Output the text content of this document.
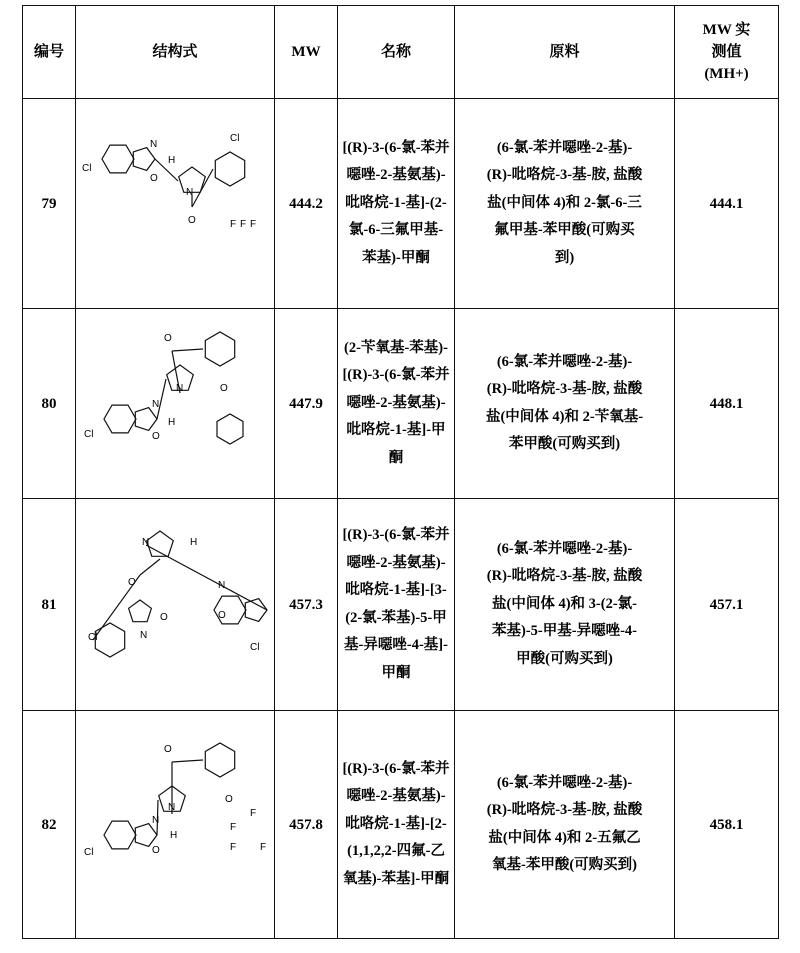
编号	结构式	MW	名称	原料	MW 实测值 (MH+)
79	
Cl
N
O
H
N
O
Cl
F F F
	444.2	[(R)-3-(6-氯-苯并噁唑-2-基氨基)-吡咯烷-1-基]-(2-氯-6-三氟甲基-苯基)-甲酮	(6-氯-苯并噁唑-2-基)-(R)-吡咯烷-3-基-胺, 盐酸盐(中间体 4)和 2-氯-6-三氟甲基-苯甲酸(可购买到)	444.1
80	
Cl
N
O
H
N
O
O
	447.9	(2-苄氧基-苯基)-[(R)-3-(6-氯-苯并噁唑-2-基氨基)-吡咯烷-1-基]-甲酮	(6-氯-苯并噁唑-2-基)-(R)-吡咯烷-3-基-胺, 盐酸盐(中间体 4)和 2-苄氧基-苯甲酸(可购买到)	448.1
81	
Cl
N
O
H
N
O
Cl	N
O
	457.3	[(R)-3-(6-氯-苯并噁唑-2-基氨基)-吡咯烷-1-基]-[3-(2-氯-苯基)-5-甲基-异噁唑-4-基]-甲酮	(6-氯-苯并噁唑-2-基)-(R)-吡咯烷-3-基-胺, 盐酸盐(中间体 4)和 3-(2-氯-苯基)-5-甲基-异噁唑-4-甲酸(可购买到)	457.1
82	
Cl
N
O
H
N
O
O
F
F
F F
	457.8	[(R)-3-(6-氯-苯并噁唑-2-基氨基)-吡咯烷-1-基]-[2-(1,1,2,2-四氟-乙氧基)-苯基]-甲酮	(6-氯-苯并噁唑-2-基)-(R)-吡咯烷-3-基-胺, 盐酸盐(中间体 4)和 2-五氟乙氧基-苯甲酸(可购买到)	458.1
